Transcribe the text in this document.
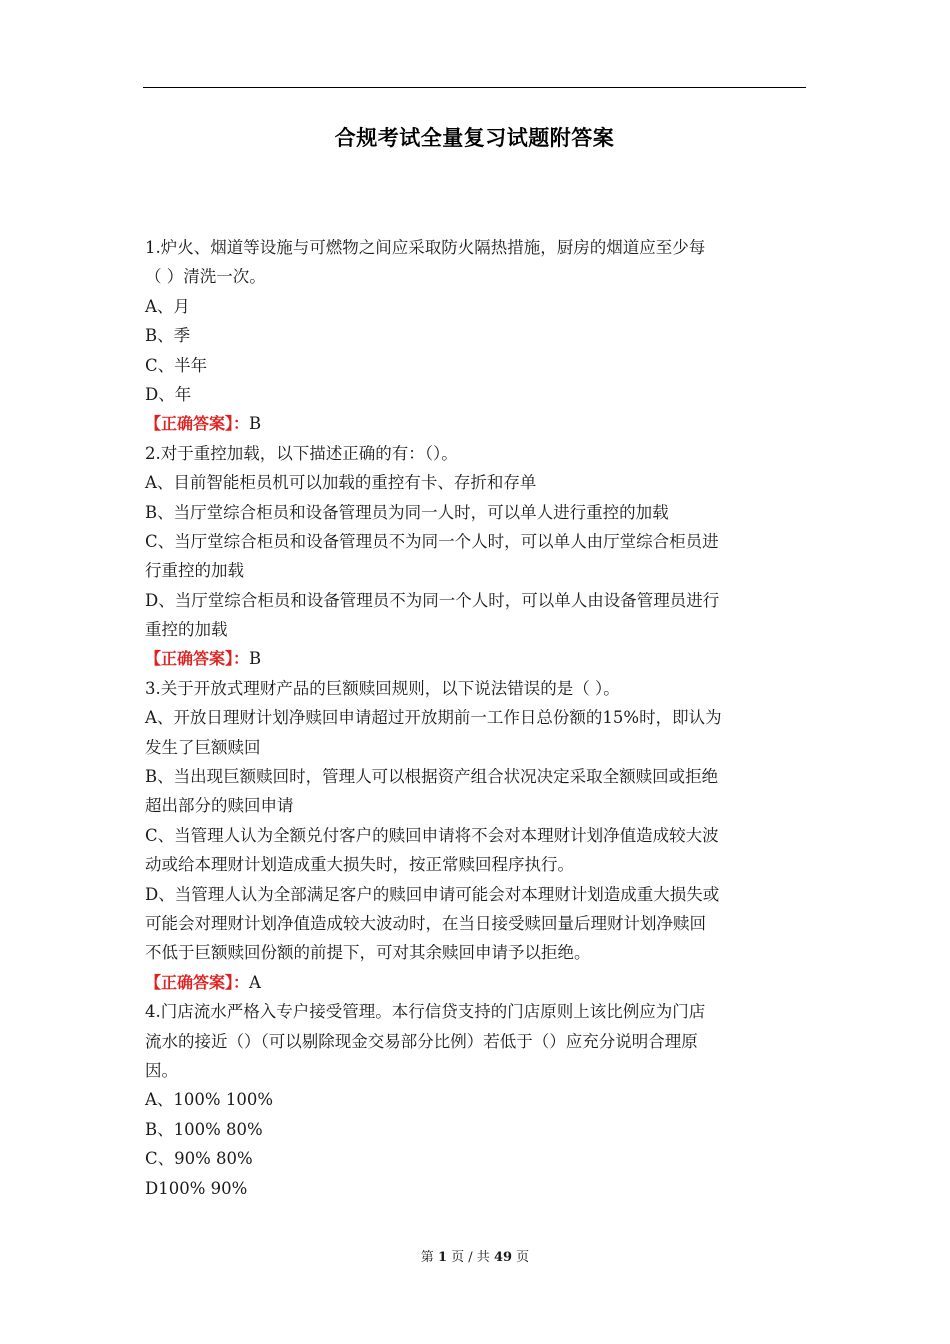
合规考试全量复习试题附答案
1.炉火、烟道等设施与可燃物之间应采取防火隔热措施，厨房的烟道应至少每
（ ）清洗一次。
A、月
B、季
C、半年
D、年
【正确答案】：B
2.对于重控加载，以下描述正确的有：（）。
A、目前智能柜员机可以加载的重控有卡、存折和存单
B、当厅堂综合柜员和设备管理员为同一人时，可以单人进行重控的加载
C、当厅堂综合柜员和设备管理员不为同一个人时，可以单人由厅堂综合柜员进
行重控的加载
D、当厅堂综合柜员和设备管理员不为同一个人时，可以单人由设备管理员进行
重控的加载
【正确答案】：B
3.关于开放式理财产品的巨额赎回规则，以下说法错误的是（ ）。
A、开放日理财计划净赎回申请超过开放期前一工作日总份额的15%时，即认为
发生了巨额赎回
B、当出现巨额赎回时，管理人可以根据资产组合状况决定采取全额赎回或拒绝
超出部分的赎回申请
C、当管理人认为全额兑付客户的赎回申请将不会对本理财计划净值造成较大波
动或给本理财计划造成重大损失时，按正常赎回程序执行。
D、当管理人认为全部满足客户的赎回申请可能会对本理财计划造成重大损失或
可能会对理财计划净值造成较大波动时，在当日接受赎回量后理财计划净赎回
不低于巨额赎回份额的前提下，可对其余赎回申请予以拒绝。
【正确答案】：A
4.门店流水严格入专户接受管理。本行信贷支持的门店原则上该比例应为门店
流水的接近（）（可以剔除现金交易部分比例）若低于（）应充分说明合理原
因。
A、100% 100%
B、100% 80%
C、90% 80%
D100% 90%
第 1 页 / 共 49 页
